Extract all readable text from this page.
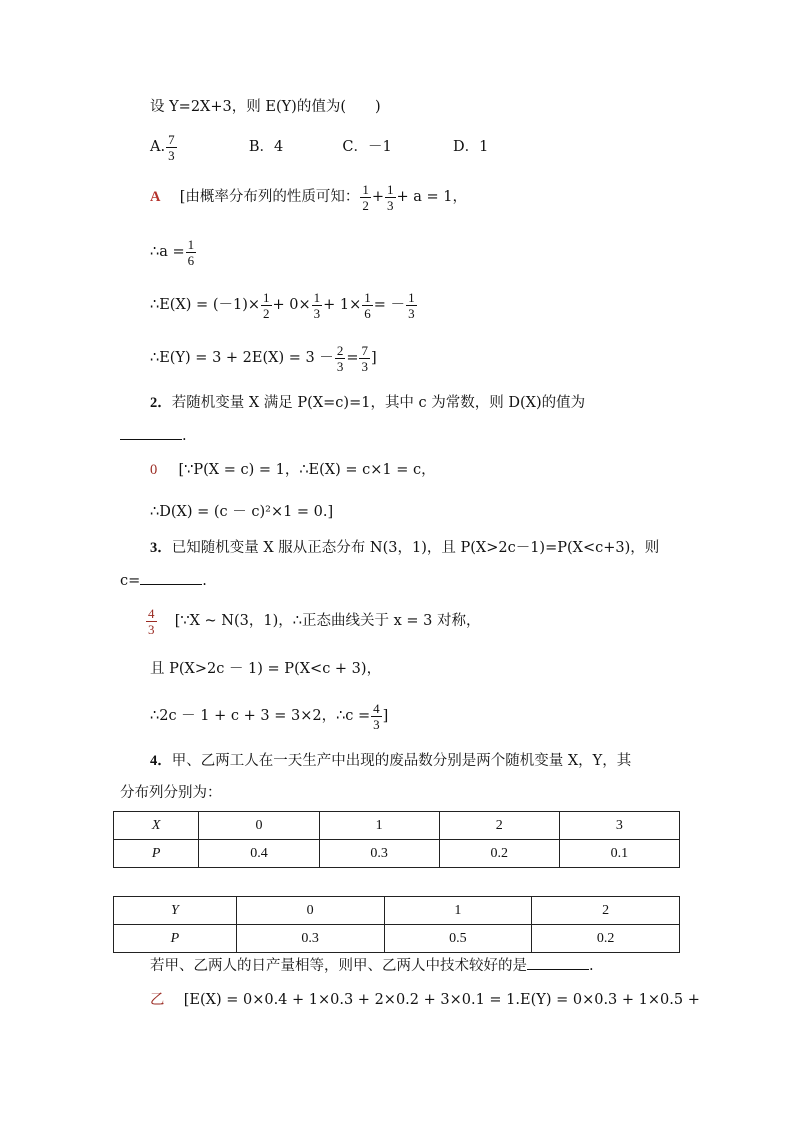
设 Y=2X+3，则 E(Y)的值为(　　)
A. $\frac{7}{3}$	B．4	C．－1	D．1
A [由概率分布列的性质可知： $\frac{1}{2} + \frac{1}{3} + a = 1$，
∴a = $\frac{1}{6}$
∴E(X) = $(-1)\times \frac{1}{2} + 0\times \frac{1}{3} + 1\times \frac{1}{6}$ = － $\frac{1}{3}$
∴E(Y) = $3 + 2E(X) = 3 - \frac{2}{3} = \frac{7}{3}$ ]
2．若随机变量 X 满足 P(X=c)=1，其中 c 为常数，则 D(X)的值为
.
0 [∵P(X = c) = 1，∴E(X) = c×1 = c，
∴D(X) = (c － c)²×1 = 0.]
3．已知随机变量 X 服从正态分布 N(3，1)，且 P(X>2c－1)=P(X<c+3)，则
c=	.
$\frac{4}{3}$ [∵X ~ N(3，1)，∴正态曲线关于 x = 3 对称，
且 P(X>2c － 1) = P(X<c + 3)，
∴2c － 1 + c + 3 = 3×2，∴c = $\frac{4}{3}$ ]
4．甲、乙两工人在一天生产中出现的废品数分别是两个随机变量 X，Y，其
分布列分别为：
X	0	1	2	3
P	0.4	0.3	0.2	0.1
Y	0	1	2
P	0.3	0.5	0.2
若甲、乙两人的日产量相等，则甲、乙两人中技术较好的是	.
乙 [E(X) = 0×0.4 + 1×0.3 + 2×0.2 + 3×0.1 = 1.E(Y) = 0×0.3 + 1×0.5 +
